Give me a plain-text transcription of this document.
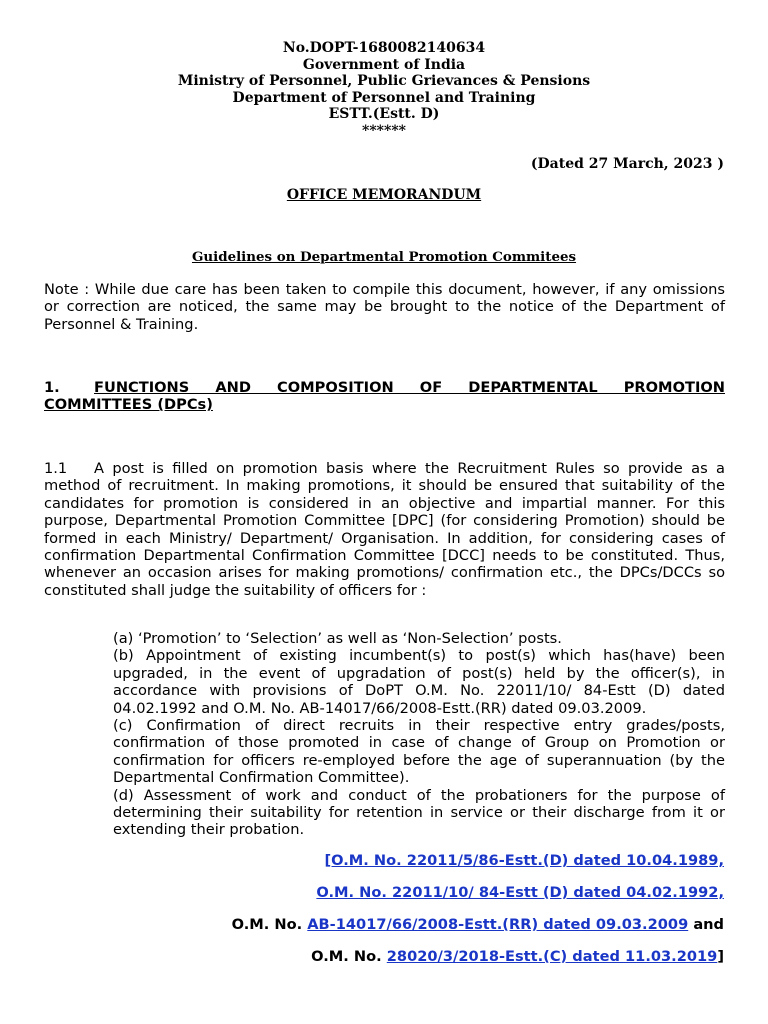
No.DOPT-1680082140634
Government of India
Ministry of Personnel, Public Grievances & Pensions
Department of Personnel and Training
ESTT.(Estt. D)
******
(Dated 27 March, 2023 )
OFFICE MEMORANDUM
Guidelines on Departmental Promotion Commitees
Note : While due care has been taken to compile this document, however, if any omissions or correction are noticed, the same may be brought to the notice of the Department of Personnel & Training.
1. FUNCTIONS AND COMPOSITION OF DEPARTMENTAL PROMOTION COMMITTEES (DPCs)
1.1 A post is filled on promotion basis where the Recruitment Rules so provide as a method of recruitment. In making promotions, it should be ensured that suitability of the candidates for promotion is considered in an objective and impartial manner. For this purpose, Departmental Promotion Committee [DPC] (for considering Promotion) should be formed in each Ministry/ Department/ Organisation. In addition, for considering cases of confirmation Departmental Confirmation Committee [DCC] needs to be constituted. Thus, whenever an occasion arises for making promotions/ confirmation etc., the DPCs/DCCs so constituted shall judge the suitability of officers for :
(a) ‘Promotion’ to ‘Selection’ as well as ‘Non-Selection’ posts.
(b) Appointment of existing incumbent(s) to post(s) which has(have) been upgraded, in the event of upgradation of post(s) held by the officer(s), in accordance with provisions of DoPT O.M. No. 22011/10/ 84-Estt (D) dated 04.02.1992 and O.M. No. AB-14017/66/2008-Estt.(RR) dated 09.03.2009.
(c) Confirmation of direct recruits in their respective entry grades/posts, confirmation of those promoted in case of change of Group on Promotion or confirmation for officers re-employed before the age of superannuation (by the Departmental Confirmation Committee).
(d) Assessment of work and conduct of the probationers for the purpose of determining their suitability for retention in service or their discharge from it or extending their probation.
[O.M. No. 22011/5/86-Estt.(D) dated 10.04.1989,
O.M. No. 22011/10/ 84-Estt (D) dated 04.02.1992,
O.M. No. AB-14017/66/2008-Estt.(RR) dated 09.03.2009 and
O.M. No. 28020/3/2018-Estt.(C) dated 11.03.2019]
